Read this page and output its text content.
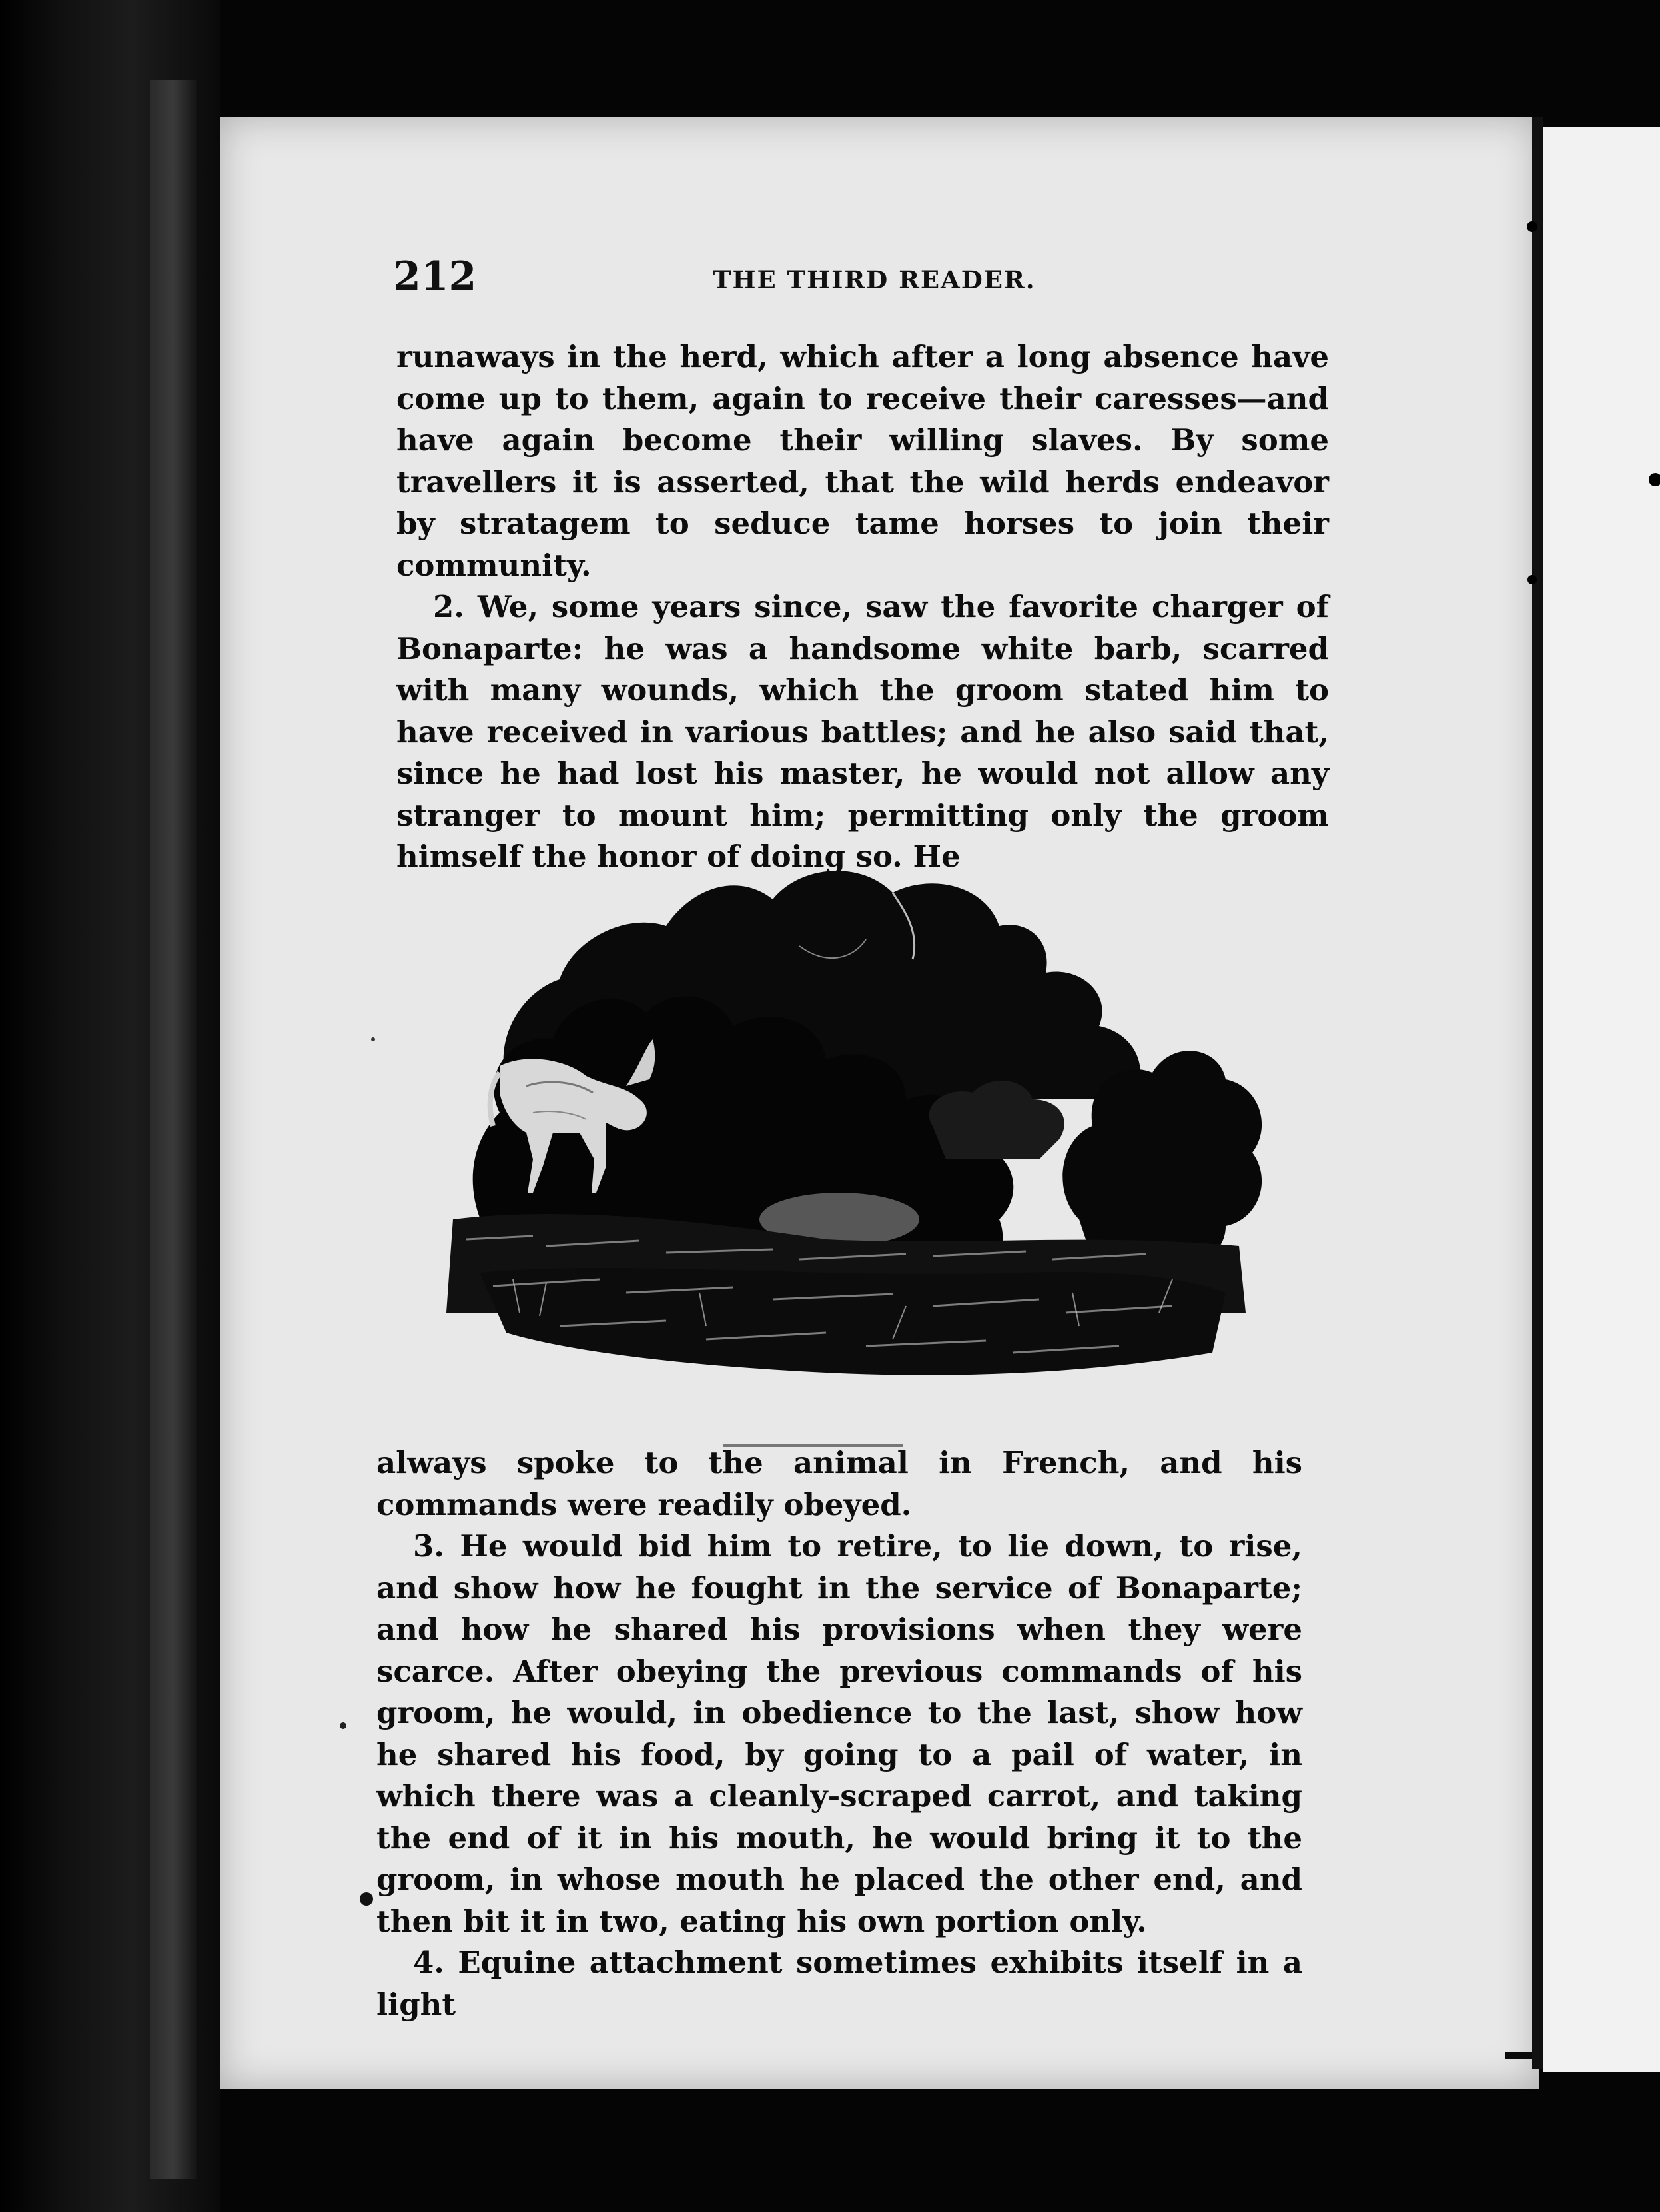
212	THE THIRD READER.

runaways in the herd, which after a long absence have come up to them, again to receive their caresses—and have again become their willing slaves. By some travellers it is asserted, that the wild herds endeavor by stratagem to seduce tame horses to join their community.

2. We, some years since, saw the favorite charger of Bonaparte: he was a handsome white barb, scarred with many wounds, which the groom stated him to have received in various battles; and he also said that, since he had lost his master, he would not allow any stranger to mount him; permitting only the groom himself the honor of doing so. He

always spoke to the animal in French, and his commands were readily obeyed.

3. He would bid him to retire, to lie down, to rise, and show how he fought in the service of Bonaparte; and how he shared his provisions when they were scarce. After obeying the previous commands of his groom, he would, in obedience to the last, show how he shared his food, by going to a pail of water, in which there was a cleanly-scraped carrot, and taking the end of it in his mouth, he would bring it to the groom, in whose mouth he placed the other end, and then bit it in two, eating his own portion only.

4. Equine attachment sometimes exhibits itself in a light
